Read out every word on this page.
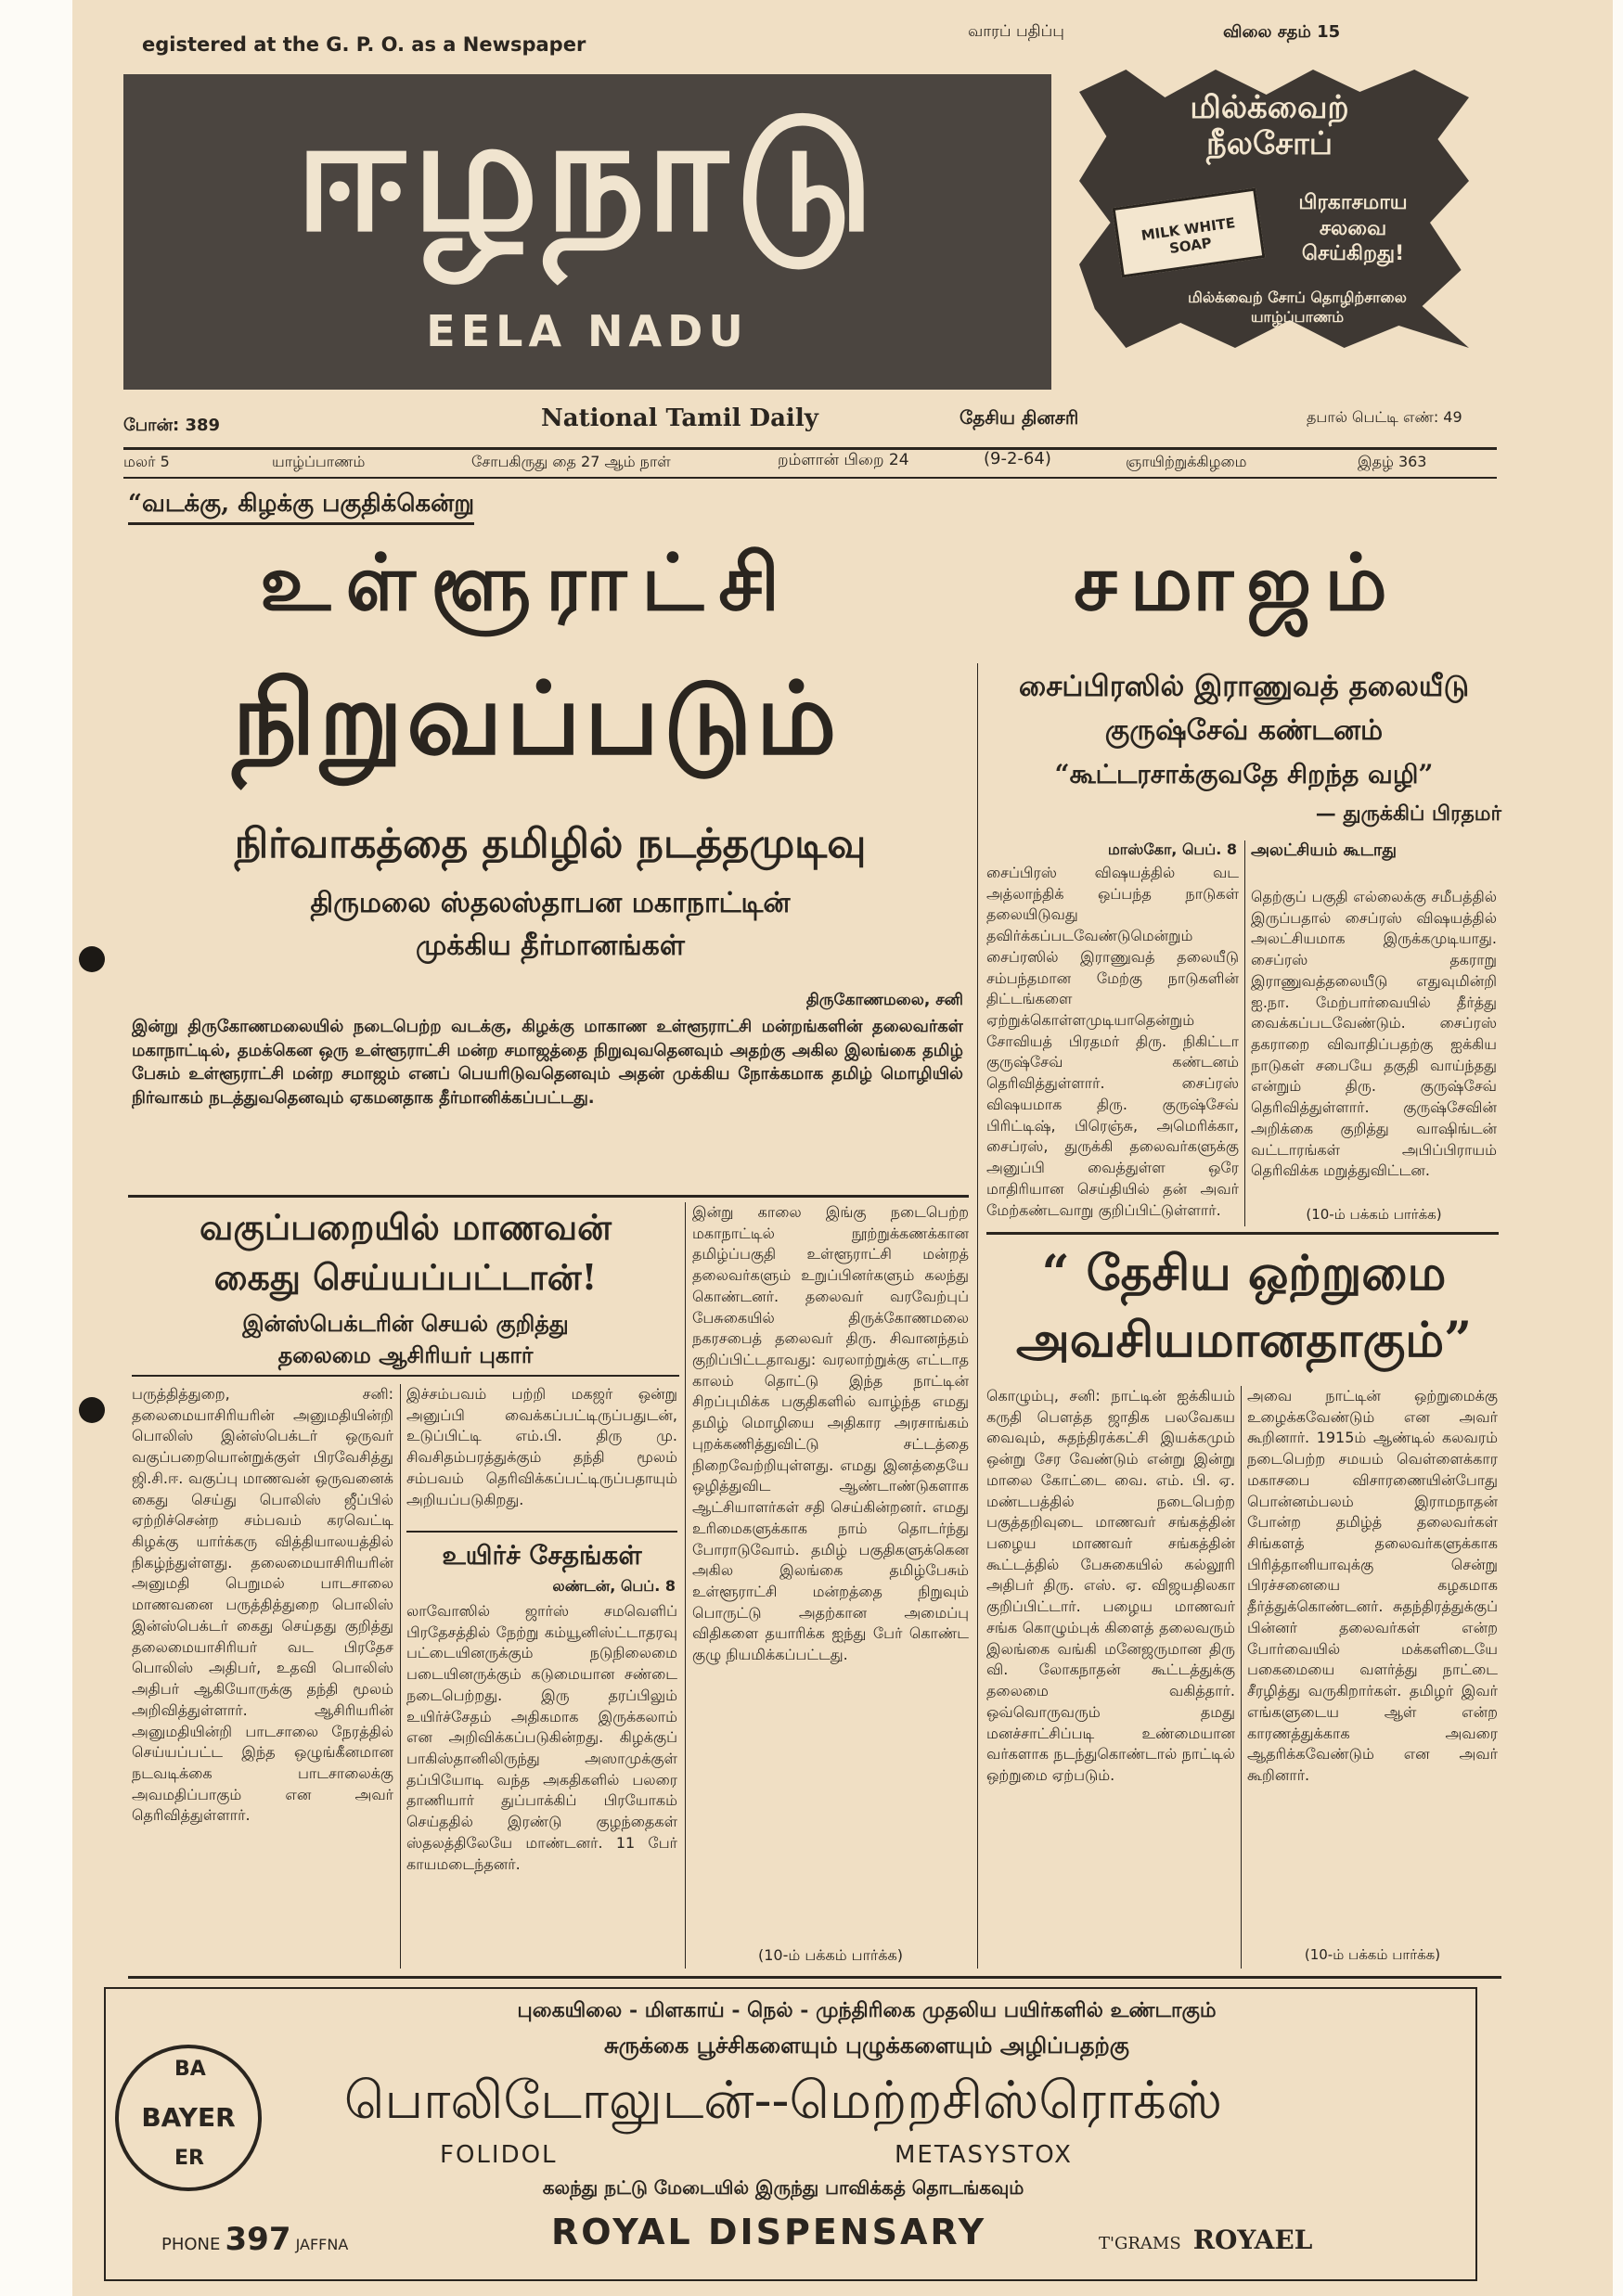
egistered at the G. P. O. as a Newspaper
வாரப் பதிப்பு	விலை சதம் 15
ஈழநாடு
EELA NADU
மில்க்வைற் நீலசோப்
MILK WHITE SOAP
பிரகாசமாய சலவை செய்கிறது!
மில்க்வைற் சோப் தொழிற்சாலை யாழ்ப்பாணம்
போன்: 389	National Tamil Daily	தேசிய தினசரி	தபால் பெட்டி எண்: 49
மலர் 5	யாழ்ப்பாணம்	சோபகிருது தை 27 ஆம் நாள்	றம்ளான் பிறை 24	(9-2-64)	ஞாயிற்றுக்கிழமை	இதழ் 363
“வடக்கு, கிழக்கு பகுதிக்கென்று
உள்ளூராட்சி	சமாஜம்
நிறுவப்படும்
நிர்வாகத்தை தமிழில் நடத்தமுடிவு
திருமலை ஸ்தலஸ்தாபன மகாநாட்டின்
முக்கிய தீர்மானங்கள்
திருகோணமலை, சனி
இன்று திருகோணமலையில் நடைபெற்ற வடக்கு, கிழக்கு மாகாண உள்ளூராட்சி மன்றங்களின் தலைவர்கள் மகாநாட்டில், தமக்கென ஒரு உள்ளூராட்சி மன்ற சமாஜத்தை நிறுவுவதெனவும் அதற்கு அகில இலங்கை தமிழ் பேசும் உள்ளூராட்சி மன்ற சமாஜம் எனப் பெயரிடுவதெனவும் அதன் முக்கிய நோக்கமாக தமிழ் மொழியில் நிர்வாகம் நடத்துவதெனவும் ஏகமனதாக தீர்மானிக்கப்பட்டது.
வகுப்பறையில் மாணவன்
கைது செய்யப்பட்டான்!
இன்ஸ்பெக்டரின் செயல் குறித்து
தலைமை ஆசிரியர் புகார்
பருத்தித்துறை, சனி: தலைமையாசிரியரின் அனுமதியின்றி பொலிஸ் இன்ஸ்பெக்டர் ஒருவர் வகுப்பறையொன்றுக்குள் பிரவேசித்து ஜி.சி.ஈ. வகுப்பு மாணவன் ஒருவனைக் கைது செய்து பொலிஸ் ஜீப்பில் ஏற்றிச்சென்ற சம்பவம் கரவெட்டி கிழக்கு யார்க்கரு வித்தியாலயத்தில் நிகழ்ந்துள்ளது. தலைமையாசிரியரின் அனுமதி பெறுமல் பாடசாலை மாணவனை பருத்தித்துறை பொலிஸ் இன்ஸ்பெக்டர் கைது செய்தது குறித்து தலைமையாசிரியர் வட பிரதேச பொலிஸ் அதிபர், உதவி பொலிஸ் அதிபர் ஆகியோருக்கு தந்தி மூலம் அறிவித்துள்ளார். ஆசிரியரின் அனுமதியின்றி பாடசாலை நேரத்தில் செய்யப்பட்ட இந்த ஒழுங்கீனமான நடவடிக்கை பாடசாலைக்கு அவமதிப்பாகும் என அவர் தெரிவித்துள்ளார்.
இச்சம்பவம் பற்றி மகஜர் ஒன்று அனுப்பி வைக்கப்பட்டிருப்பதுடன், உடுப்பிட்டி எம்.பி. திரு மு. சிவசிதம்பரத்துக்கும் தந்தி மூலம் சம்பவம் தெரிவிக்கப்பட்டிருப்பதாயும் அறியப்படுகிறது.
உயிர்ச் சேதங்கள்
லண்டன், பெப். 8
லாவோஸில் ஜார்ஸ் சமவெளிப் பிரதேசத்தில் நேற்று கம்யூனிஸ்ட்டாதரவு பட்டையினருக்கும் நடுநிலைமை படையினருக்கும் கடுமையான சண்டை நடைபெற்றது. இரு தரப்பிலும் உயிர்ச்சேதம் அதிகமாக இருக்கலாம் என அறிவிக்கப்படுகின்றது. கிழக்குப் பாகிஸ்தானிலிருந்து அஸாமுக்குள் தப்பியோடி வந்த அகதிகளில் பலரை தாணியார் துப்பாக்கிப் பிரயோகம் செய்ததில் இரண்டு குழந்தைகள் ஸ்தலத்திலேயே மாண்டனர். 11 பேர் காயமடைந்தனர்.
இன்று காலை இங்கு நடைபெற்ற மகாநாட்டில் நூற்றுக்கணக்கான தமிழ்ப்பகுதி உள்ளூராட்சி மன்றத் தலைவர்களும் உறுப்பினர்களும் கலந்து கொண்டனர். தலைவர் வரவேற்புப் பேசுகையில் திருக்கோணமலை நகரசபைத் தலைவர் திரு. சிவானந்தம் குறிப்பிட்டதாவது: வரலாற்றுக்கு எட்டாத காலம் தொட்டு இந்த நாட்டின் சிறப்புமிக்க பகுதிகளில் வாழ்ந்த எமது தமிழ் மொழியை அதிகார அரசாங்கம் புறக்கணித்துவிட்டு சட்டத்தை நிறைவேற்றியுள்ளது. எமது இனத்தையே ஒழித்துவிட ஆண்டாண்டுகளாக ஆட்சியாளர்கள் சதி செய்கின்றனர். எமது உரிமைகளுக்காக நாம் தொடர்ந்து போராடுவோம். தமிழ் பகுதிகளுக்கென அகில இலங்கை தமிழ்பேசும் உள்ளூராட்சி மன்றத்தை நிறுவும் பொருட்டு அதற்கான அமைப்பு விதிகளை தயாரிக்க ஐந்து பேர் கொண்ட குழு நியமிக்கப்பட்டது.
(10-ம் பக்கம் பார்க்க)
சைப்பிரஸில் இராணுவத் தலையீடு
குருஷ்சேவ் கண்டனம்
“கூட்டரசாக்குவதே சிறந்த வழி”
— துருக்கிப் பிரதமர்
மாஸ்கோ, பெப். 8
சைப்பிரஸ் விஷயத்தில் வட அத்லாந்திக் ஒப்பந்த நாடுகள் தலையிடுவது தவிர்க்கப்படவேண்டுமென்றும் சைப்ரஸில் இராணுவத் தலையீடு சம்பந்தமான மேற்கு நாடுகளின் திட்டங்களை ஏற்றுக்கொள்ளமுடியாதென்றும் சோவியத் பிரதமர் திரு. நிகிட்டா குருஷ்சேவ் கண்டனம் தெரிவித்துள்ளார். சைப்ரஸ் விஷயமாக திரு. குருஷ்சேவ் பிரிட்டிஷ், பிரெஞ்சு, அமெரிக்கா, சைப்ரஸ், துருக்கி தலைவர்களுக்கு அனுப்பி வைத்துள்ள ஒரே மாதிரியான செய்தியில் தன் அவர் மேற்கண்டவாறு குறிப்பிட்டுள்ளார்.
அலட்சியம் கூடாது
தெற்குப் பகுதி எல்லைக்கு சமீபத்தில் இருப்பதால் சைப்ரஸ் விஷயத்தில் அலட்சியமாக இருக்கமுடியாது. சைப்ரஸ் தகராறு இராணுவத்தலையீடு எதுவுமின்றி ஐ.நா. மேற்பார்வையில் தீர்த்து வைக்கப்படவேண்டும். சைப்ரஸ் தகராறை விவாதிப்பதற்கு ஐக்கிய நாடுகள் சபையே தகுதி வாய்ந்தது என்றும் திரு. குருஷ்சேவ் தெரிவித்துள்ளார். குருஷ்சேவின் அறிக்கை குறித்து வாஷிங்டன் வட்டாரங்கள் அபிப்பிராயம் தெரிவிக்க மறுத்துவிட்டன.
(10-ம் பக்கம் பார்க்க)
“ தேசிய ஒற்றுமை
அவசியமானதாகும்”
கொழும்பு, சனி: நாட்டின் ஐக்கியம் கருதி பௌத்த ஜாதிக பலவேகய வைவும், சுதந்திரக்கட்சி இயக்கமும் ஒன்று சேர வேண்டும் என்று இன்று மாலை கோட்டை வை. எம். பி. ஏ. மண்டபத்தில் நடைபெற்ற பகுத்தறிவுடை மாணவர் சங்கத்தின் பழைய மாணவர் சங்கத்தின் கூட்டத்தில் பேசுகையில் கல்லூரி அதிபர் திரு. எஸ். ஏ. விஜயதிலகா குறிப்பிட்டார். பழைய மாணவர் சங்க கொழும்புக் கிளைத் தலைவரும் இலங்கை வங்கி மனேஜருமான திரு வி. லோகநாதன் கூட்டத்துக்கு தலைமை வகித்தார். ஒவ்வொருவரும் தமது மனச்சாட்சிப்படி உண்மையான வர்களாக நடந்துகொண்டால் நாட்டில் ஒற்றுமை ஏற்படும்.
அவை நாட்டின் ஒற்றுமைக்கு உழைக்கவேண்டும் என அவர் கூறினார். 1915ம் ஆண்டில் கலவரம் நடைபெற்ற சமயம் வெள்ளைக்கார மகாசபை விசாரணையின்போது பொன்னம்பலம் இராமநாதன் போன்ற தமிழ்த் தலைவர்கள் சிங்களத் தலைவர்களுக்காக பிரித்தானியாவுக்கு சென்று பிரச்சனையை கழகமாக தீர்த்துக்கொண்டனர். சுதந்திரத்துக்குப் பின்னர் தலைவர்கள் என்ற போர்வையில் மக்களிடையே பகைமையை வளர்த்து நாட்டை சீரழித்து வருகிறார்கள். தமிழர் இவர் எங்களுடைய ஆள் என்ற காரணத்துக்காக அவரை ஆதரிக்கவேண்டும் என அவர் கூறினார்.
(10-ம் பக்கம் பார்க்க)
BAYER
BA
ER
புகையிலை - மிளகாய் - நெல் - முந்திரிகை முதலிய பயிர்களில் உண்டாகும்
சுருக்கை பூச்சிகளையும் புழுக்களையும் அழிப்பதற்கு
பொலிடோலுடன்--மெற்றசிஸ்ரொக்ஸ்
FOLIDOL	METASYSTOX
கலந்து நட்டு மேடையில் இருந்து பாவிக்கத் தொடங்கவும்
PHONE 397 JAFFNA	ROYAL DISPENSARY	T'GRAMS ROYAEL
